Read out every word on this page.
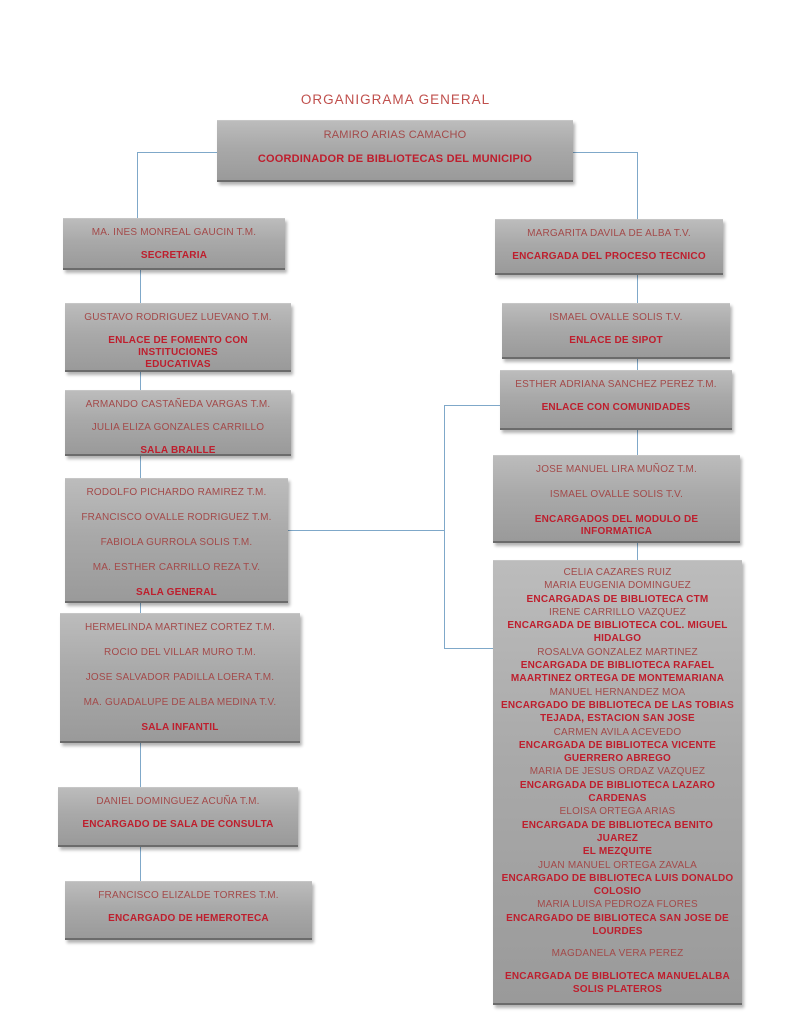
ORGANIGRAMA GENERAL
RAMIRO ARIAS CAMACHO
COORDINADOR DE BIBLIOTECAS DEL MUNICIPIO
MA. INES MONREAL GAUCIN T.M.
SECRETARIA
GUSTAVO RODRIGUEZ LUEVANO T.M.
ENLACE DE FOMENTO CON INSTITUCIONES
EDUCATIVAS
ARMANDO CASTAÑEDA VARGAS T.M.
JULIA ELIZA GONZALES CARRILLO
SALA BRAILLE
RODOLFO PICHARDO RAMIREZ T.M.
FRANCISCO OVALLE RODRIGUEZ T.M.
FABIOLA GURROLA SOLIS T.M.
MA. ESTHER CARRILLO REZA T.V.
SALA GENERAL
HERMELINDA MARTINEZ CORTEZ T.M.
ROCIO DEL VILLAR MURO T.M.
JOSE SALVADOR PADILLA LOERA T.M.
MA. GUADALUPE DE ALBA MEDINA T.V.
SALA INFANTIL
DANIEL DOMINGUEZ ACUÑA T.M.
ENCARGADO DE SALA DE CONSULTA
FRANCISCO ELIZALDE TORRES T.M.
ENCARGADO DE HEMEROTECA
MARGARITA DAVILA DE ALBA T.V.
ENCARGADA DEL PROCESO TECNICO
ISMAEL OVALLE SOLIS T.V.
ENLACE DE SIPOT
ESTHER ADRIANA SANCHEZ PEREZ T.M.
ENLACE CON COMUNIDADES
JOSE MANUEL LIRA MUÑOZ T.M.
ISMAEL OVALLE SOLIS T.V.
ENCARGADOS DEL MODULO DE
INFORMATICA
CELIA CAZARES RUIZ
MARIA EUGENIA DOMINGUEZ
ENCARGADAS DE BIBLIOTECA CTM
IRENE CARRILLO VAZQUEZ
ENCARGADA DE BIBLIOTECA COL. MIGUEL
HIDALGO
ROSALVA GONZALEZ MARTINEZ
ENCARGADA DE BIBLIOTECA RAFAEL
MAARTINEZ ORTEGA DE MONTEMARIANA
MANUEL HERNANDEZ MOA
ENCARGADO DE BIBLIOTECA DE LAS TOBIAS
TEJADA, ESTACION SAN JOSE
CARMEN AVILA ACEVEDO
ENCARGADA DE BIBLIOTECA VICENTE
GUERRERO ABREGO
MARIA DE JESUS ORDAZ VAZQUEZ
ENCARGADA DE BIBLIOTECA LAZARO
CARDENAS
ELOISA ORTEGA ARIAS
ENCARGADA DE BIBLIOTECA BENITO JUAREZ
EL MEZQUITE
JUAN MANUEL ORTEGA ZAVALA
ENCARGADO DE BIBLIOTECA LUIS DONALDO
COLOSIO
MARIA LUISA PEDROZA FLORES
ENCARGADO DE BIBLIOTECA SAN JOSE DE
LOURDES
MAGDANELA VERA PEREZ
ENCARGADA DE BIBLIOTECA MANUELALBA
SOLIS PLATEROS
